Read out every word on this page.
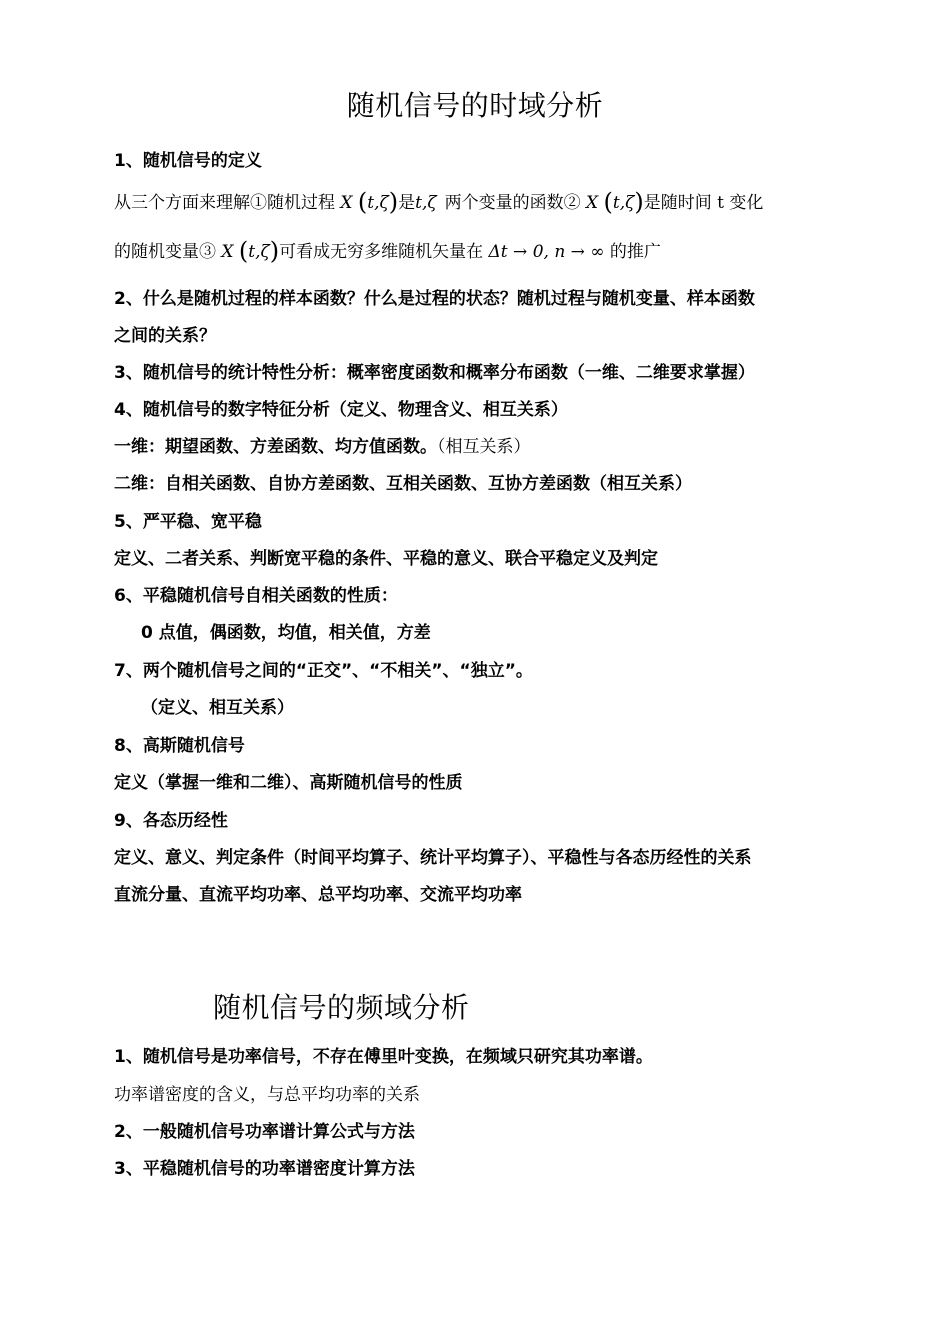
随机信号的时域分析
1、随机信号的定义
从三个方面来理解①随机过程 X (t,ζ)是t,ζ 两个变量的函数② X (t,ζ)是随时间 t 变化
的随机变量③ X (t,ζ)可看成无穷多维随机矢量在 Δt → 0, n → ∞ 的推广
2、什么是随机过程的样本函数？什么是过程的状态？随机过程与随机变量、样本函数
之间的关系？
3、随机信号的统计特性分析：概率密度函数和概率分布函数（一维、二维要求掌握）
4、随机信号的数字特征分析（定义、物理含义、相互关系）
一维：期望函数、方差函数、均方值函数。（相互关系）
二维：自相关函数、自协方差函数、互相关函数、互协方差函数（相互关系）
5、严平稳、宽平稳
定义、二者关系、判断宽平稳的条件、平稳的意义、联合平稳定义及判定
6、平稳随机信号自相关函数的性质：
0 点值，偶函数，均值，相关值，方差
7、两个随机信号之间的“正交”、“不相关”、“独立”。
（定义、相互关系）
8、高斯随机信号
定义（掌握一维和二维）、高斯随机信号的性质
9、各态历经性
定义、意义、判定条件（时间平均算子、统计平均算子）、平稳性与各态历经性的关系
直流分量、直流平均功率、总平均功率、交流平均功率
随机信号的频域分析
1、随机信号是功率信号，不存在傅里叶变换，在频域只研究其功率谱。
功率谱密度的含义，与总平均功率的关系
2、一般随机信号功率谱计算公式与方法
3、平稳随机信号的功率谱密度计算方法
